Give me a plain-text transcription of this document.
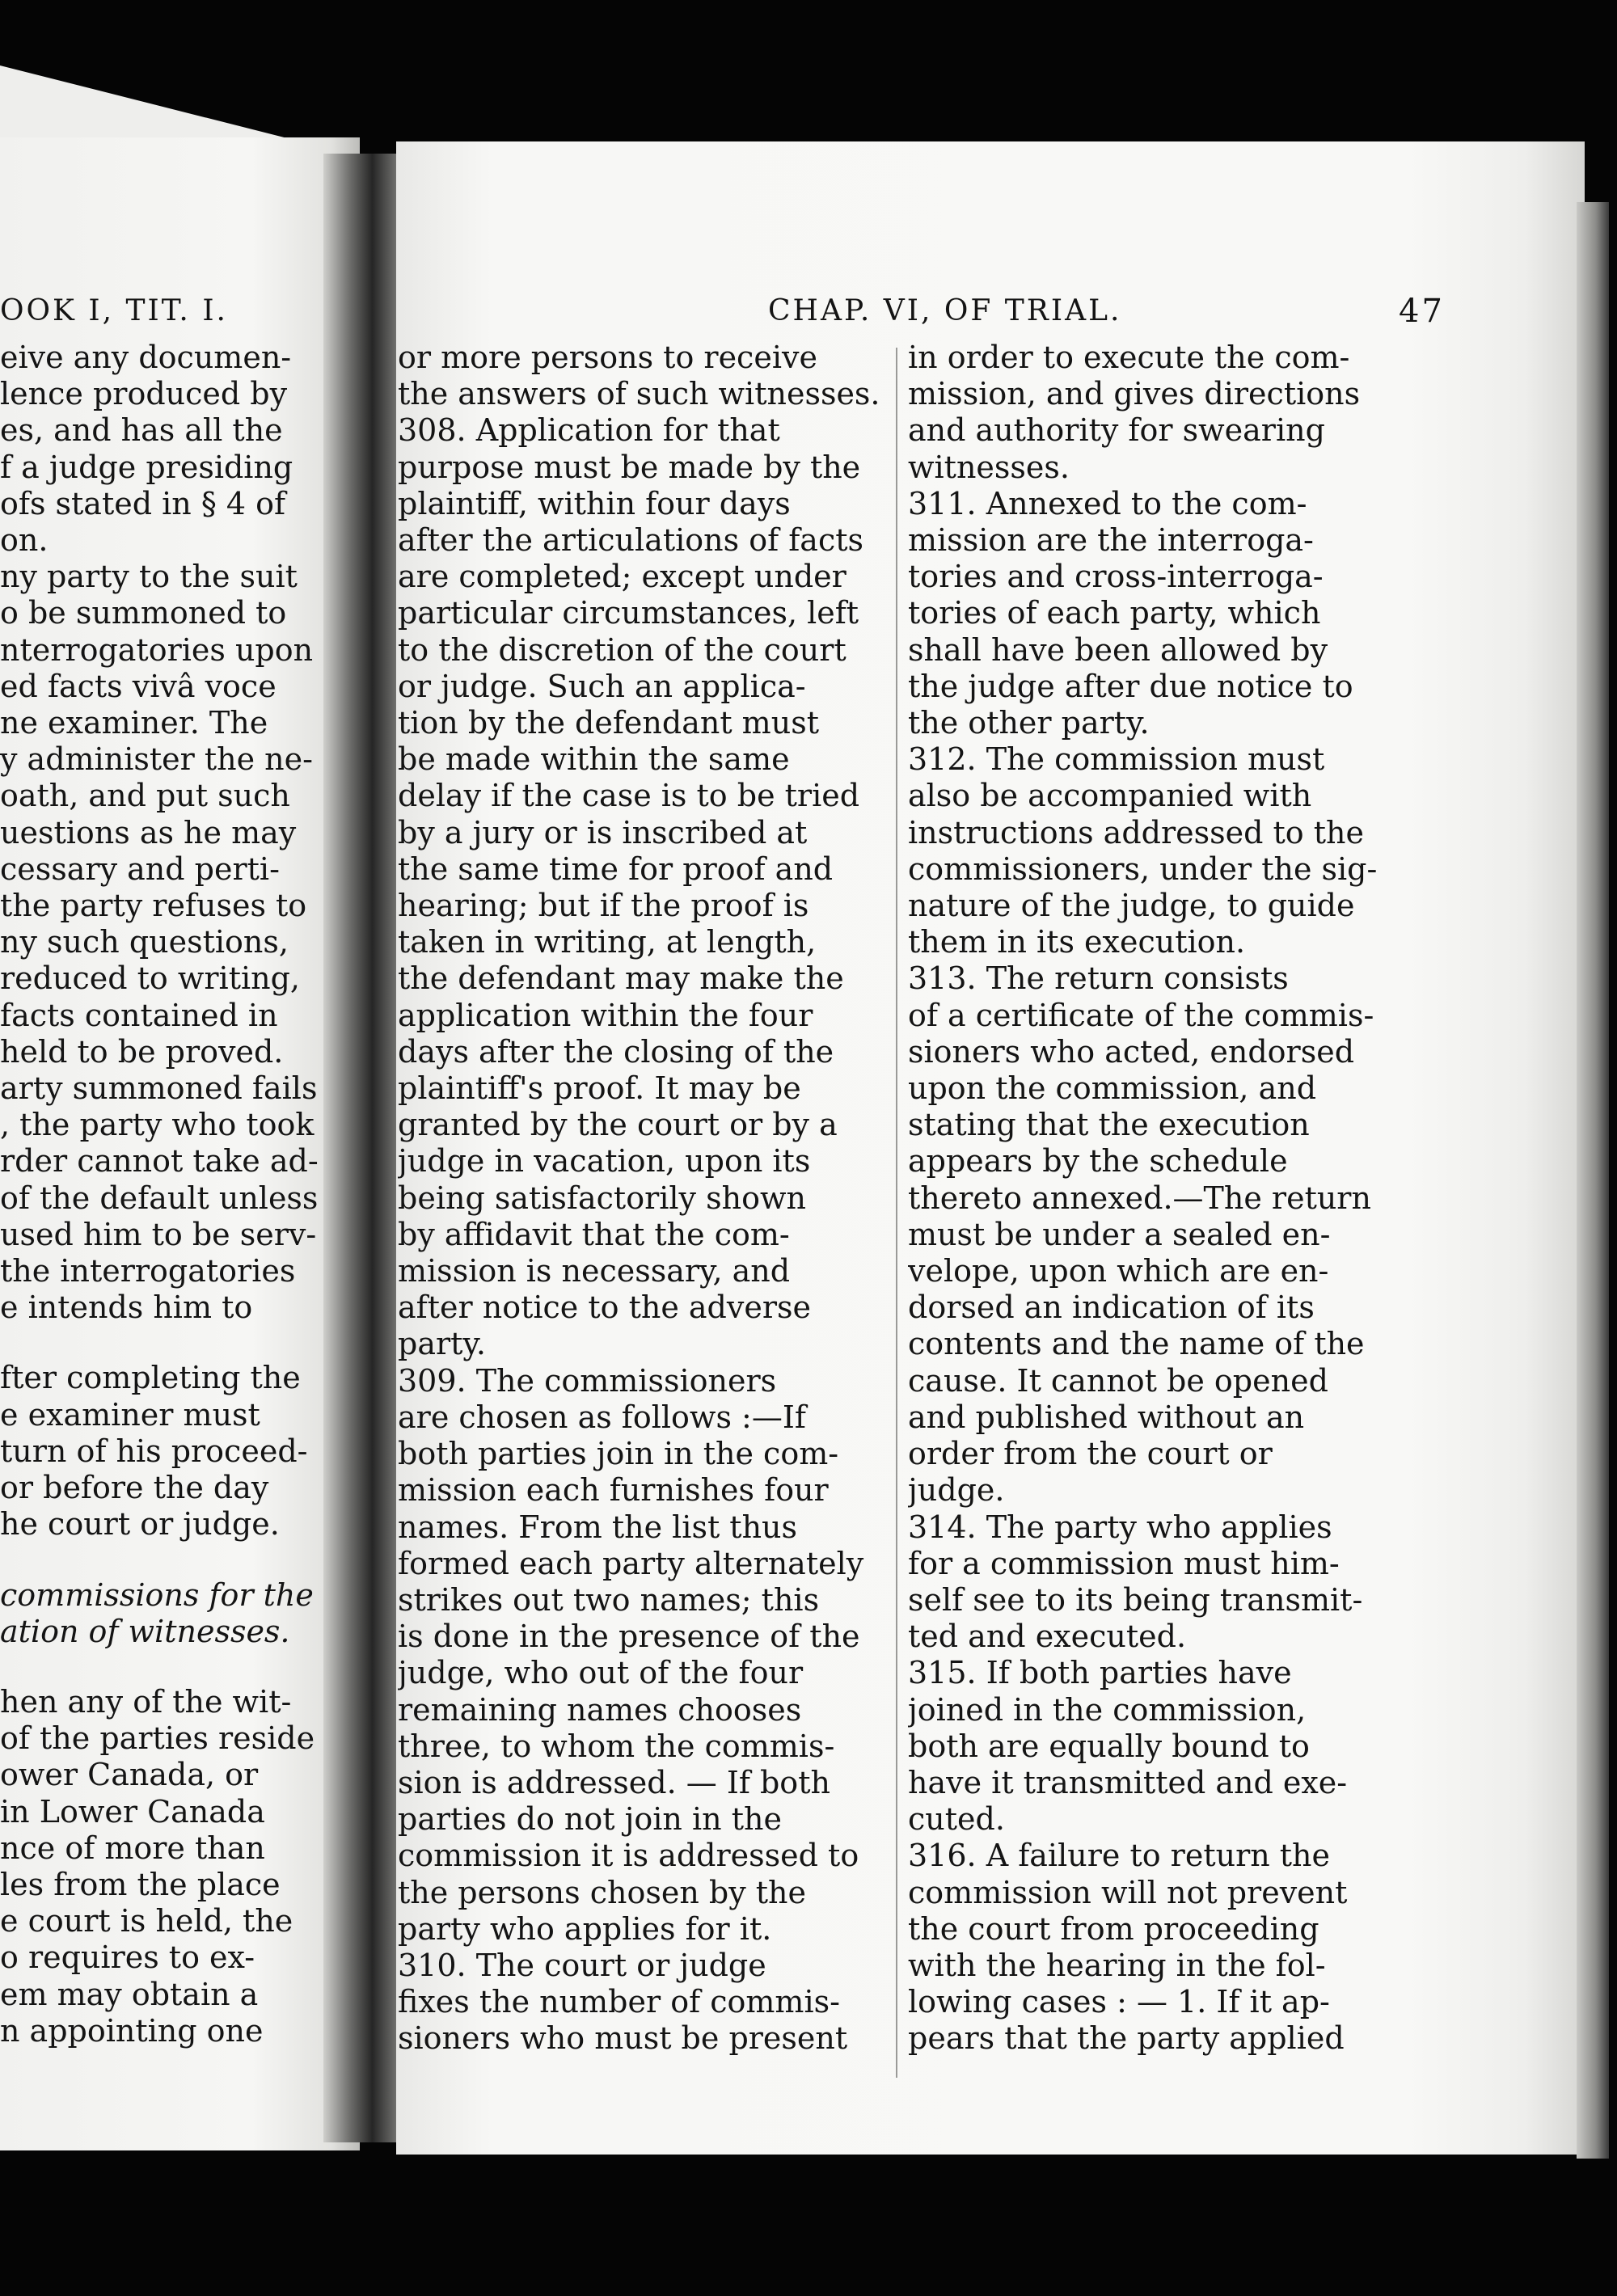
OOK I, TIT. I.
eive any documen-
lence produced by
es, and has all the
f a judge presiding
ofs stated in § 4 of
on.
ny party to the suit
o be summoned to
nterrogatories upon
ed facts vivâ voce
ne examiner. The
y administer the ne-
oath, and put such
uestions as he may
cessary and perti-
the party refuses to
ny such questions,
reduced to writing,
facts contained in
held to be proved.
arty summoned fails
, the party who took
rder cannot take ad-
of the default unless
used him to be serv-
the interrogatories
e intends him to
fter completing the
e examiner must
turn of his proceed-
or before the day
he court or judge.
commissions for the
ation of witnesses.
hen any of the wit-
of the parties reside
ower Canada, or
in Lower Canada
nce of more than
les from the place
e court is held, the
o requires to ex-
em may obtain a
n appointing one
CHAP. VI, OF TRIAL.	47
or more persons to receive
the answers of such witnesses.
308. Application for that
purpose must be made by the
plaintiff, within four days
after the articulations of facts
are completed; except under
particular circumstances, left
to the discretion of the court
or judge. Such an applica-
tion by the defendant must
be made within the same
delay if the case is to be tried
by a jury or is inscribed at
the same time for proof and
hearing; but if the proof is
taken in writing, at length,
the defendant may make the
application within the four
days after the closing of the
plaintiff's proof. It may be
granted by the court or by a
judge in vacation, upon its
being satisfactorily shown
by affidavit that the com-
mission is necessary, and
after notice to the adverse
party.
309. The commissioners
are chosen as follows :—If
both parties join in the com-
mission each furnishes four
names. From the list thus
formed each party alternately
strikes out two names; this
is done in the presence of the
judge, who out of the four
remaining names chooses
three, to whom the commis-
sion is addressed. — If both
parties do not join in the
commission it is addressed to
the persons chosen by the
party who applies for it.
310. The court or judge
fixes the number of commis-
sioners who must be present
in order to execute the com-
mission, and gives directions
and authority for swearing
witnesses.
311. Annexed to the com-
mission are the interroga-
tories and cross-interroga-
tories of each party, which
shall have been allowed by
the judge after due notice to
the other party.
312. The commission must
also be accompanied with
instructions addressed to the
commissioners, under the sig-
nature of the judge, to guide
them in its execution.
313. The return consists
of a certificate of the commis-
sioners who acted, endorsed
upon the commission, and
stating that the execution
appears by the schedule
thereto annexed.—The return
must be under a sealed en-
velope, upon which are en-
dorsed an indication of its
contents and the name of the
cause. It cannot be opened
and published without an
order from the court or
judge.
314. The party who applies
for a commission must him-
self see to its being transmit-
ted and executed.
315. If both parties have
joined in the commission,
both are equally bound to
have it transmitted and exe-
cuted.
316. A failure to return the
commission will not prevent
the court from proceeding
with the hearing in the fol-
lowing cases : — 1. If it ap-
pears that the party applied
